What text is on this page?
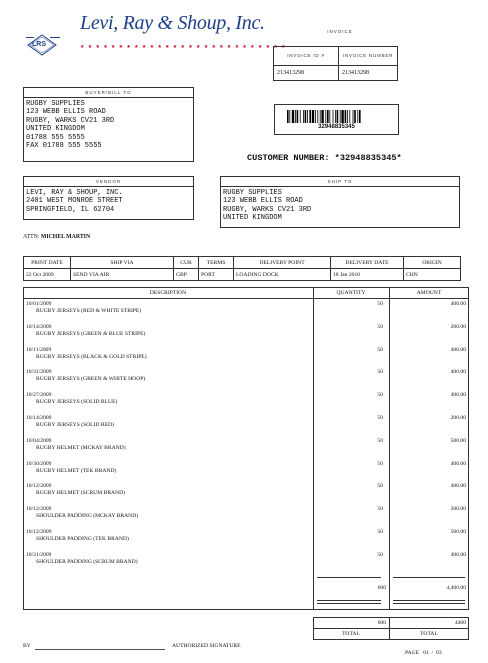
LRS
Levi, Ray & Shoup, Inc.
★ ★ ★ ★ ★ ★ ★ ★ ★ ★ ★ ★ ★ ★ ★ ★ ★ ★ ★ ★ ★ ★ ★ ★ ★ ★ ★
INVOICE
INVOICE ID #	INVOICE NUMBER
213413298	213413298
BUYER/BILL TO
RUGBY SUPPLIES
123 WEBB ELLIS ROAD
RUGBY, WARKS CV21 3RD
UNITED KINGDOM
01788 555 5555
FAX 01788 555 5555
32948835345
CUSTOMER NUMBER: *32948835345*
VENDOR
LEVI, RAY & SHOUP, INC.
2401 WEST MONROE STREET
SPRINGFIELD, IL 62704
SHIP TO
RUGBY SUPPLIES
123 WEBB ELLIS ROAD
RUGBY, WARKS CV21 3RD
UNITED KINGDOM
ATTN: MICHEL MARTIN
PRINT DATE	SHIP VIA	CUR	TERMS	DELIVERY POINT	DELIVERY DATE	ORIGIN
22 Oct 2009	SEND VIA AIR	GBP	PORT	LOADING DOCK	18 Jan 2010	CHN
DESCRIPTION	QUANTITY	AMOUNT
10/01/2009
RUGBY JERSEYS (RED & WHITE STRIPE)
50	400.00
10/14/2009
RUGBY JERSEYS (GREEN & BLUE STRIPE)
50	200.00
10/11/2009
RUGBY JERSEYS (BLACK & GOLD STRIPE)
50	400.00
10/31/2009
RUGBY JERSEYS (GREEN & WHITE HOOP)
50	400.00
10/27/2009
RUGBY JERSEYS (SOLID BLUE)
50	400.00
10/14/2009
RUGBY JERSEYS (SOLID RED)
50	200.00
10/04/2009
RUGBY HELMET (MCKAY BRAND)
50	500.00
10/30/2009
RUGBY HELMET (TEK BRAND)
50	400.00
10/12/2009
RUGBY HELMET (SCRUM BRAND)
50	400.00
10/12/2009
SHOULDER PADDING (MCKAY BRAND)
50	200.00
10/12/2009
SHOULDER PADDING (TEK BRAND)
50	500.00
10/31/2009
SHOULDER PADDING (SCRUM BRAND)
50	400.00
600	4,400.00
600	4400
TOTAL	TOTAL
BY	AUTHORIZED SIGNATURE
PAGE   01  /  03
